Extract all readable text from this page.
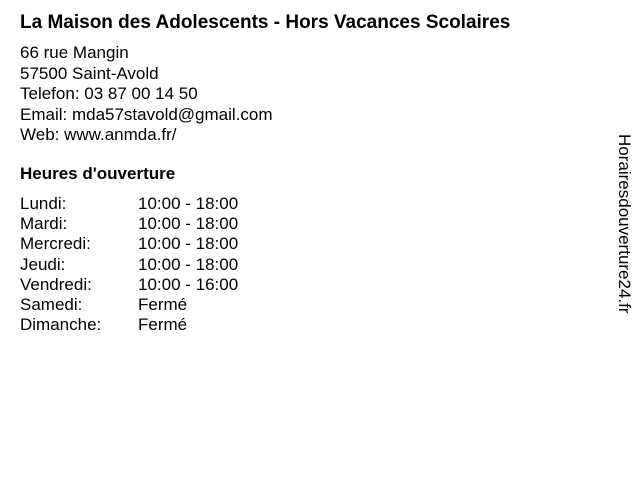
La Maison des Adolescents - Hors Vacances Scolaires
66 rue Mangin
57500 Saint-Avold
Telefon: 03 87 00 14 50
Email: mda57stavold@gmail.com
Web: www.anmda.fr/
Heures d'ouverture
Lundi:	10:00 - 18:00
Mardi:	10:00 - 18:00
Mercredi:	10:00 - 18:00
Jeudi:	10:00 - 18:00
Vendredi:	10:00 - 16:00
Samedi:	Fermé
Dimanche:	Fermé
Horairesdouverture24.fr
